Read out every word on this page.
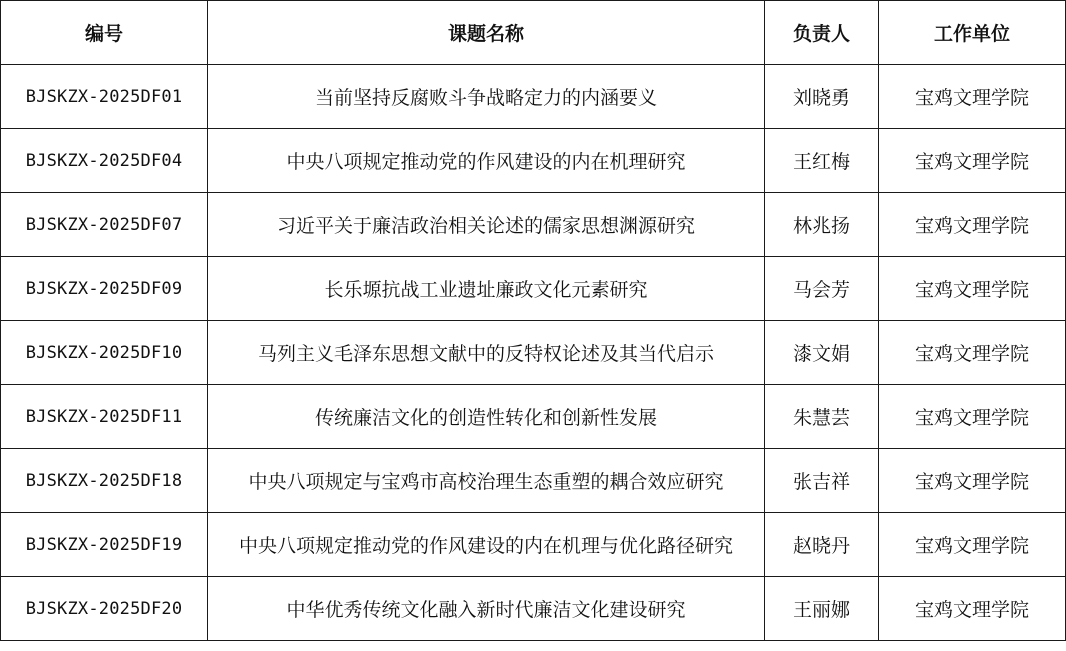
编号	课题名称	负责人	工作单位
BJSKZX-2025DF01	当前坚持反腐败斗争战略定力的内涵要义	刘晓勇	宝鸡文理学院
BJSKZX-2025DF04	中央八项规定推动党的作风建设的内在机理研究	王红梅	宝鸡文理学院
BJSKZX-2025DF07	习近平关于廉洁政治相关论述的儒家思想渊源研究	林兆扬	宝鸡文理学院
BJSKZX-2025DF09	长乐塬抗战工业遗址廉政文化元素研究	马会芳	宝鸡文理学院
BJSKZX-2025DF10	马列主义毛泽东思想文献中的反特权论述及其当代启示	漆文娟	宝鸡文理学院
BJSKZX-2025DF11	传统廉洁文化的创造性转化和创新性发展	朱慧芸	宝鸡文理学院
BJSKZX-2025DF18	中央八项规定与宝鸡市高校治理生态重塑的耦合效应研究	张吉祥	宝鸡文理学院
BJSKZX-2025DF19	中央八项规定推动党的作风建设的内在机理与优化路径研究	赵晓丹	宝鸡文理学院
BJSKZX-2025DF20	中华优秀传统文化融入新时代廉洁文化建设研究	王丽娜	宝鸡文理学院
